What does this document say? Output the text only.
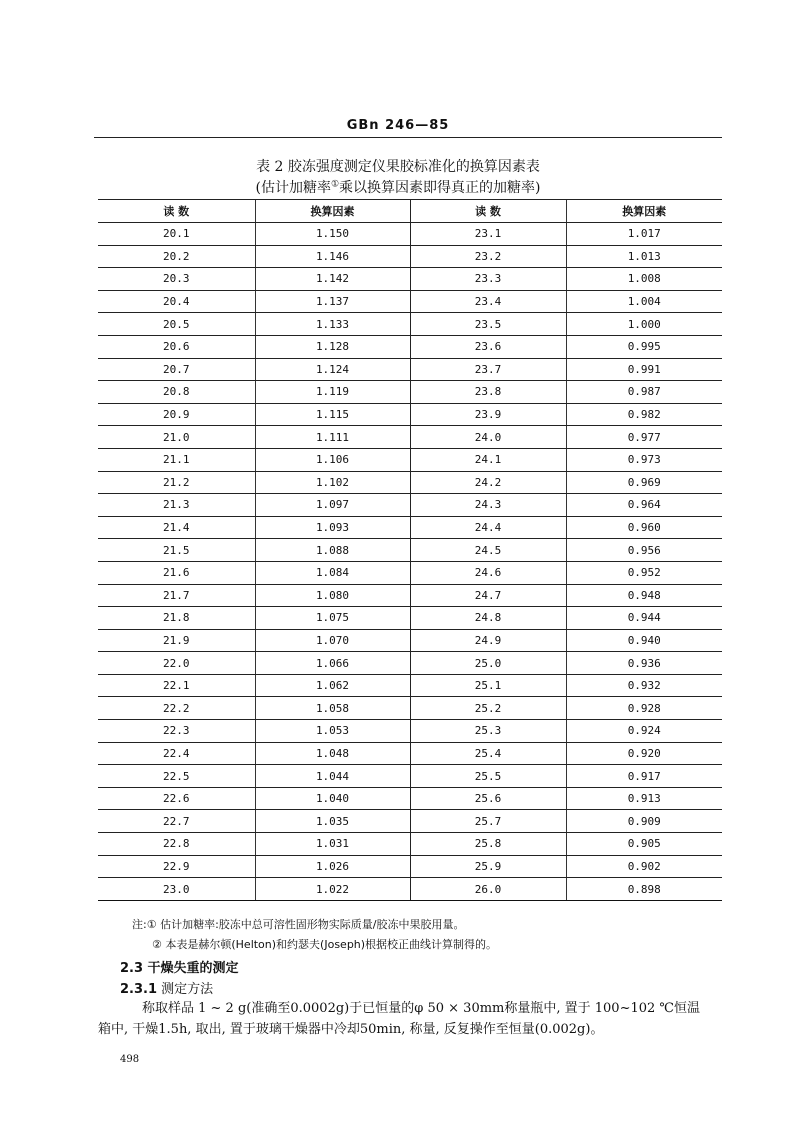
GBn 246—85
表 2 胶冻强度测定仪果胶标准化的换算因素表
(估计加糖率①乘以换算因素即得真正的加糖率)
读 数	换算因素	读 数	换算因素
20.1	1.150	23.1	1.017
20.2	1.146	23.2	1.013
20.3	1.142	23.3	1.008
20.4	1.137	23.4	1.004
20.5	1.133	23.5	1.000
20.6	1.128	23.6	0.995
20.7	1.124	23.7	0.991
20.8	1.119	23.8	0.987
20.9	1.115	23.9	0.982
21.0	1.111	24.0	0.977
21.1	1.106	24.1	0.973
21.2	1.102	24.2	0.969
21.3	1.097	24.3	0.964
21.4	1.093	24.4	0.960
21.5	1.088	24.5	0.956
21.6	1.084	24.6	0.952
21.7	1.080	24.7	0.948
21.8	1.075	24.8	0.944
21.9	1.070	24.9	0.940
22.0	1.066	25.0	0.936
22.1	1.062	25.1	0.932
22.2	1.058	25.2	0.928
22.3	1.053	25.3	0.924
22.4	1.048	25.4	0.920
22.5	1.044	25.5	0.917
22.6	1.040	25.6	0.913
22.7	1.035	25.7	0.909
22.8	1.031	25.8	0.905
22.9	1.026	25.9	0.902
23.0	1.022	26.0	0.898
注:① 估计加糖率:胶冻中总可溶性固形物实际质量/胶冻中果胶用量。
② 本表是赫尔顿(Helton)和约瑟夫(Joseph)根据校正曲线计算制得的。
2.3 干燥失重的测定
2.3.1 测定方法
称取样品 1 ~ 2 g(准确至0.0002g)于已恒量的φ 50 × 30mm称量瓶中, 置于 100~102 ℃恒温
箱中, 干燥1.5h, 取出, 置于玻璃干燥器中冷却50min, 称量, 反复操作至恒量(0.002g)。
498
